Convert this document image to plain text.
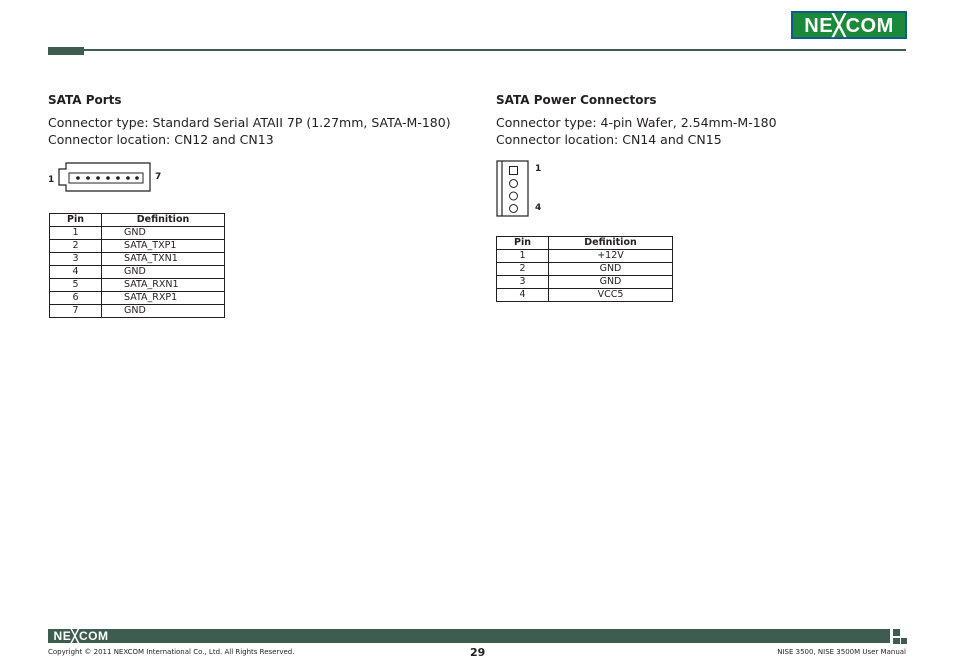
NE╳COM
SATA Ports
Connector type: Standard Serial ATAII 7P (1.27mm, SATA-M-180)
Connector location: CN12 and CN13
1	7
Pin	Definition
1	GND
2	SATA_TXP1
3	SATA_TXN1
4	GND
5	SATA_RXN1
6	SATA_RXP1
7	GND
SATA Power Connectors
Connector type: 4-pin Wafer, 2.54mm-M-180
Connector location: CN14 and CN15
1
4
Pin	Definition
1	+12V
2	GND
3	GND
4	VCC5
NE╳COM
Copyright © 2011 NEXCOM International Co., Ltd. All Rights Reserved.	29	NISE 3500, NISE 3500M User Manual
